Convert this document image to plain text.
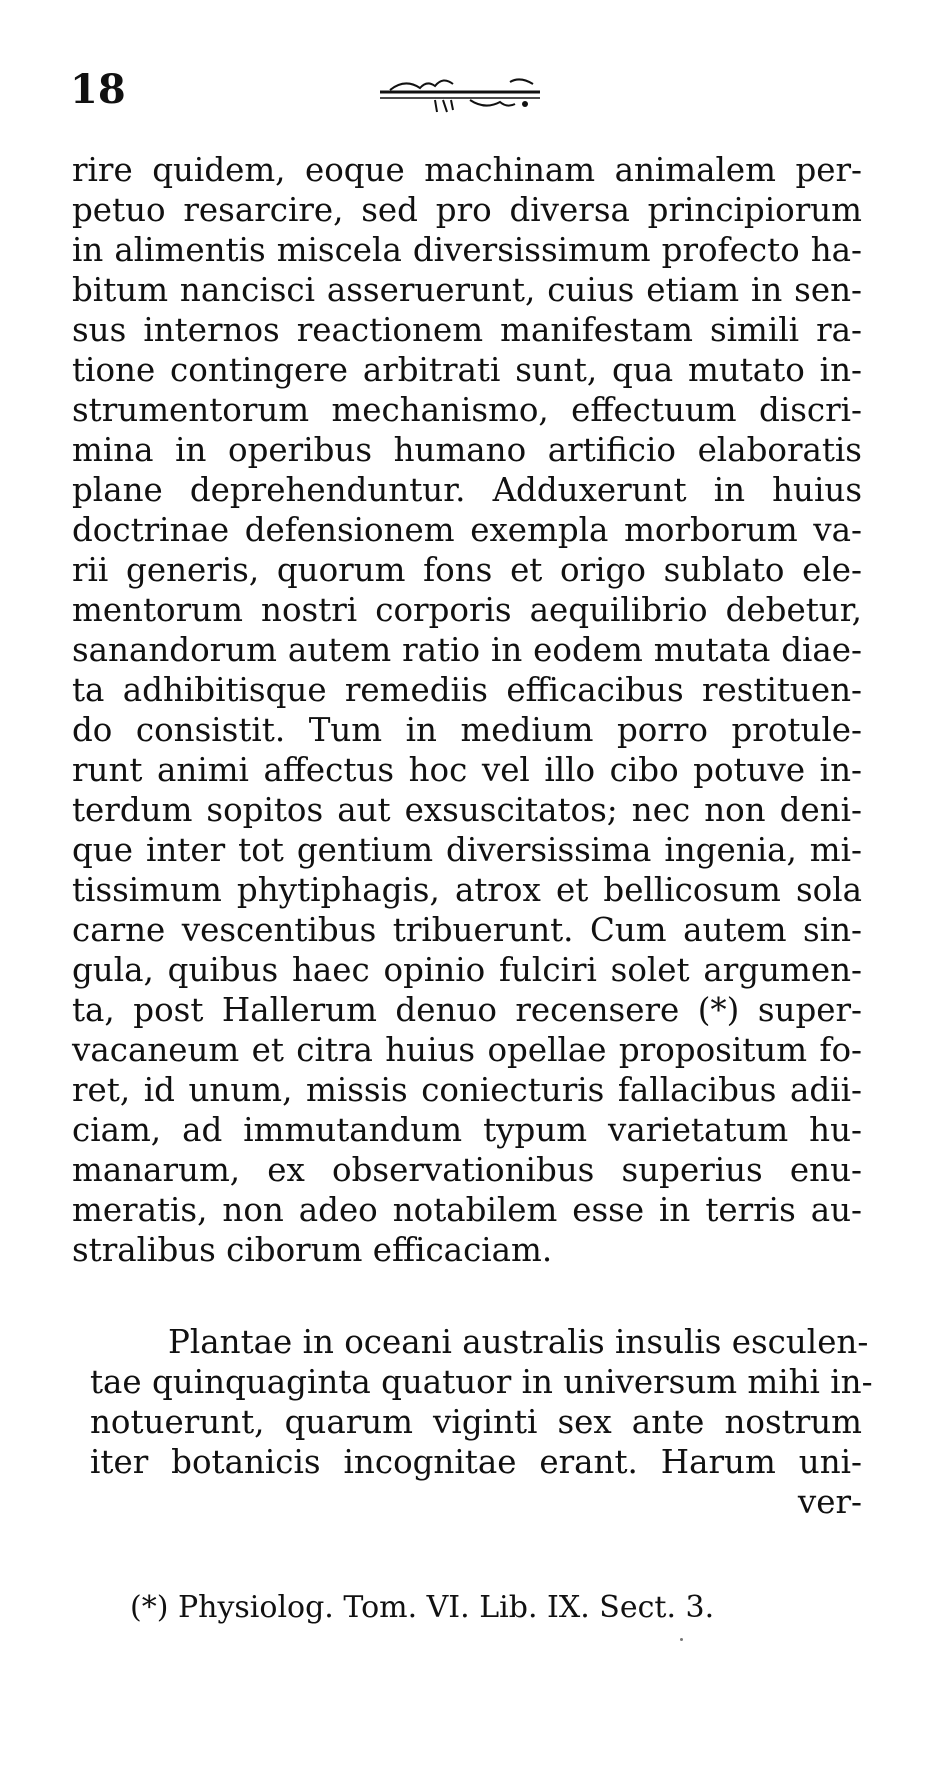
18
rire quidem, eoque machinam animalem per-
petuo resarcire, sed pro diversa principiorum
in alimentis miscela diversissimum profecto ha-
bitum nancisci asseruerunt, cuius etiam in sen-
sus internos reactionem manifestam simili ra-
tione contingere arbitrati sunt, qua mutato in-
strumentorum mechanismo, effectuum discri-
mina in operibus humano artificio elaboratis
plane deprehenduntur. Adduxerunt in huius
doctrinae defensionem exempla morborum va-
rii generis, quorum fons et origo sublato ele-
mentorum nostri corporis aequilibrio debetur,
sanandorum autem ratio in eodem mutata diae-
ta adhibitisque remediis efficacibus restituen-
do consistit. Tum in medium porro protule-
runt animi affectus hoc vel illo cibo potuve in-
terdum sopitos aut exsuscitatos; nec non deni-
que inter tot gentium diversissima ingenia, mi-
tissimum phytiphagis, atrox et bellicosum sola
carne vescentibus tribuerunt. Cum autem sin-
gula, quibus haec opinio fulciri solet argumen-
ta, post Hallerum denuo recensere (*) super-
vacaneum et citra huius opellae propositum fo-
ret, id unum, missis coniecturis fallacibus adii-
ciam, ad immutandum typum varietatum hu-
manarum, ex observationibus superius enu-
meratis, non adeo notabilem esse in terris au-
stralibus ciborum efficaciam.
Plantae in oceani australis insulis esculen-
tae quinquaginta quatuor in universum mihi in-
notuerunt, quarum viginti sex ante nostrum
iter botanicis incognitae erant. Harum uni-
ver-
(*) Physiolog. Tom. VI. Lib. IX. Sect. 3.
